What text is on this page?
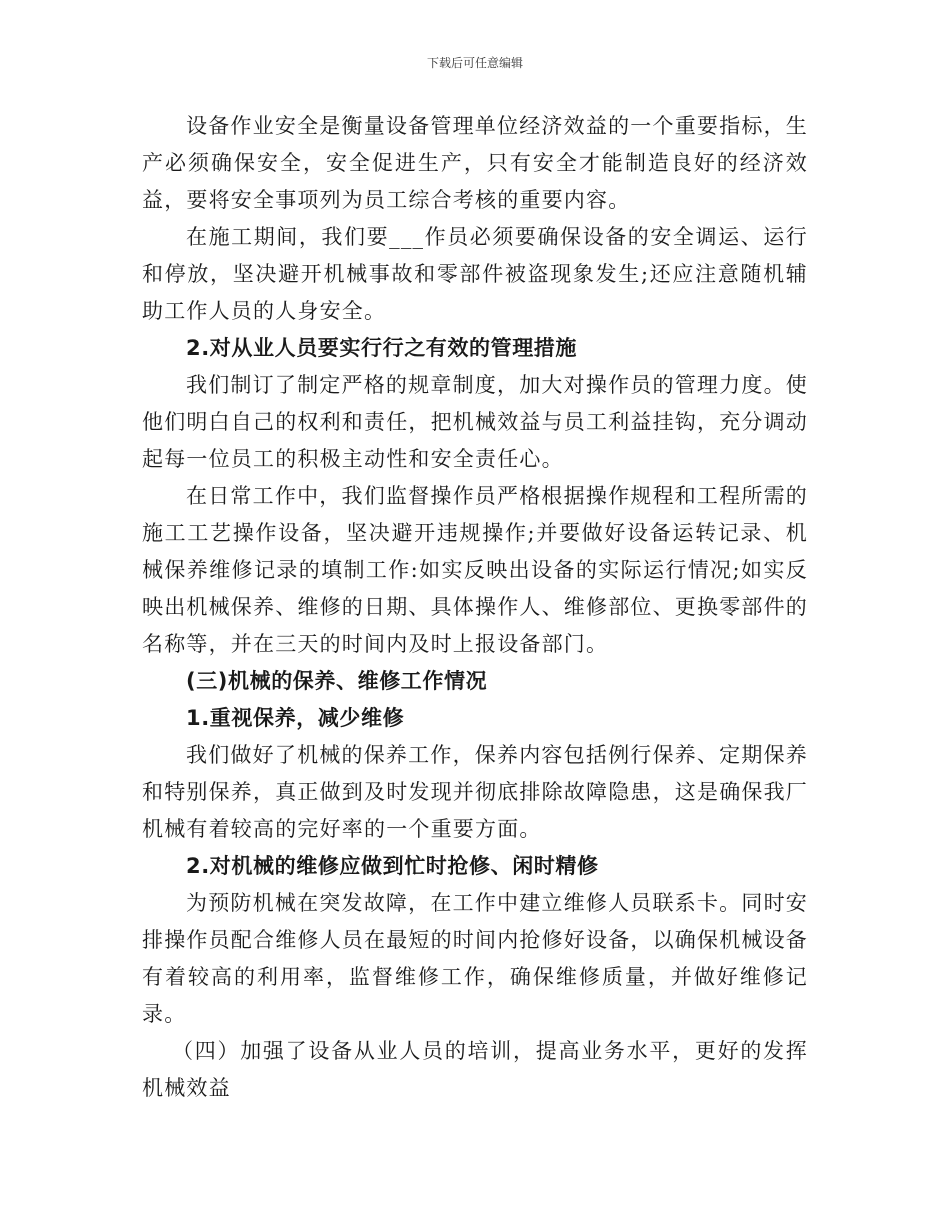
下载后可任意编辑

设备作业安全是衡量设备管理单位经济效益的一个重要指标，生产必须确保安全，安全促进生产，只有安全才能制造良好的经济效益，要将安全事项列为员工综合考核的重要内容。

在施工期间，我们要___作员必须要确保设备的安全调运、运行和停放，坚决避开机械事故和零部件被盗现象发生;还应注意随机辅助工作人员的人身安全。

2.对从业人员要实行行之有效的管理措施

我们制订了制定严格的规章制度，加大对操作员的管理力度。使他们明白自己的权利和责任，把机械效益与员工利益挂钩，充分调动起每一位员工的积极主动性和安全责任心。

在日常工作中，我们监督操作员严格根据操作规程和工程所需的施工工艺操作设备，坚决避开违规操作;并要做好设备运转记录、机械保养维修记录的填制工作:如实反映出设备的实际运行情况;如实反映出机械保养、维修的日期、具体操作人、维修部位、更换零部件的名称等，并在三天的时间内及时上报设备部门。

(三)机械的保养、维修工作情况

1.重视保养，减少维修

我们做好了机械的保养工作，保养内容包括例行保养、定期保养和特别保养，真正做到及时发现并彻底排除故障隐患，这是确保我厂机械有着较高的完好率的一个重要方面。

2.对机械的维修应做到忙时抢修、闲时精修

为预防机械在突发故障，在工作中建立维修人员联系卡。同时安排操作员配合维修人员在最短的时间内抢修好设备，以确保机械设备有着较高的利用率，监督维修工作，确保维修质量，并做好维修记录。

（四）加强了设备从业人员的培训，提高业务水平，更好的发挥机械效益
